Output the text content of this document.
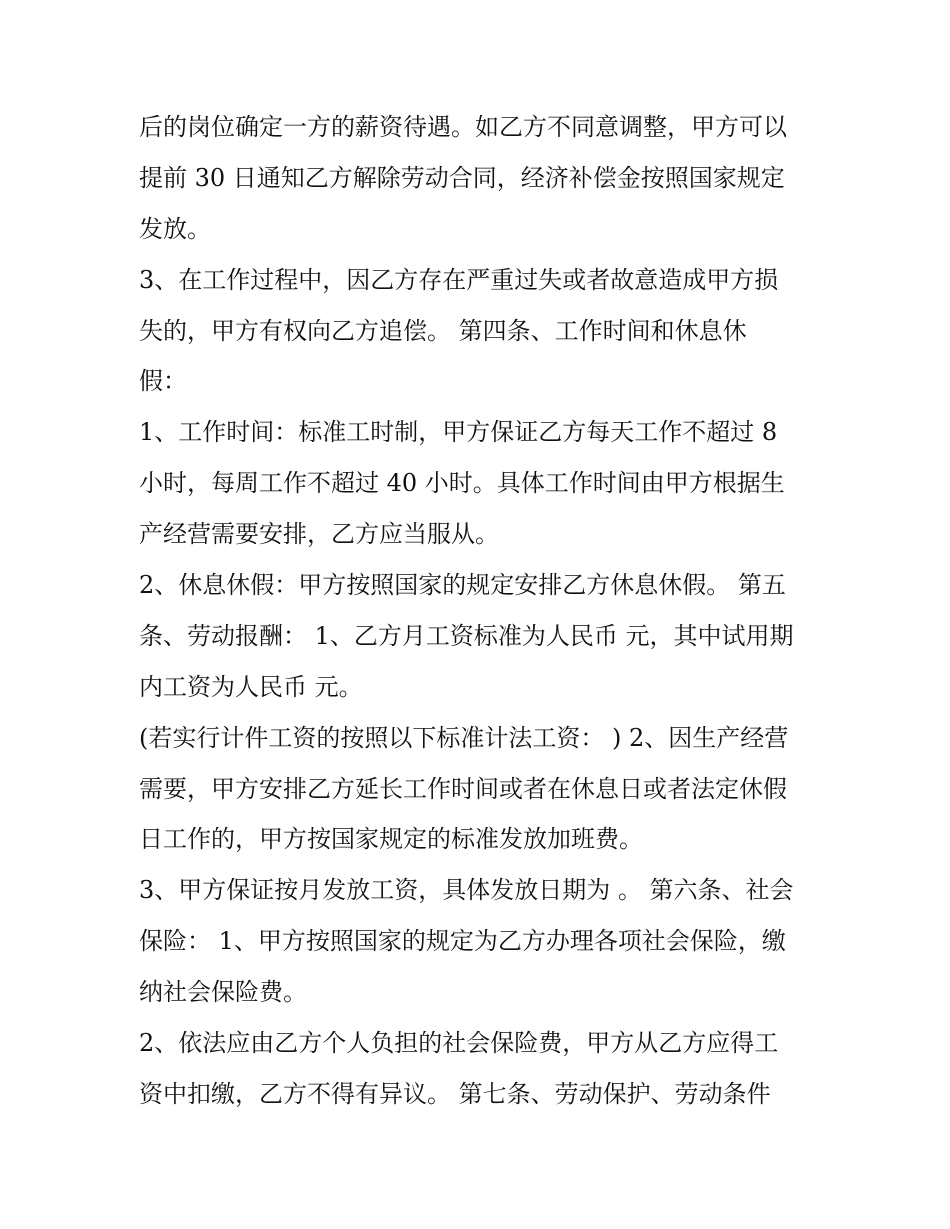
后的岗位确定一方的薪资待遇。如乙方不同意调整，甲方可以
提前 30 日通知乙方解除劳动合同，经济补偿金按照国家规定
发放。
3、在工作过程中，因乙方存在严重过失或者故意造成甲方损
失的，甲方有权向乙方追偿。 第四条、工作时间和休息休
假：
1、工作时间：标准工时制，甲方保证乙方每天工作不超过 8
小时，每周工作不超过 40 小时。具体工作时间由甲方根据生
产经营需要安排，乙方应当服从。
2、休息休假：甲方按照国家的规定安排乙方休息休假。 第五
条、劳动报酬： 1、乙方月工资标准为人民币 元，其中试用期
内工资为人民币 元。
(若实行计件工资的按照以下标准计法工资： ) 2、因生产经营
需要，甲方安排乙方延长工作时间或者在休息日或者法定休假
日工作的，甲方按国家规定的标准发放加班费。
3、甲方保证按月发放工资，具体发放日期为 。 第六条、社会
保险： 1、甲方按照国家的规定为乙方办理各项社会保险，缴
纳社会保险费。
2、依法应由乙方个人负担的社会保险费，甲方从乙方应得工
资中扣缴，乙方不得有异议。 第七条、劳动保护、劳动条件
